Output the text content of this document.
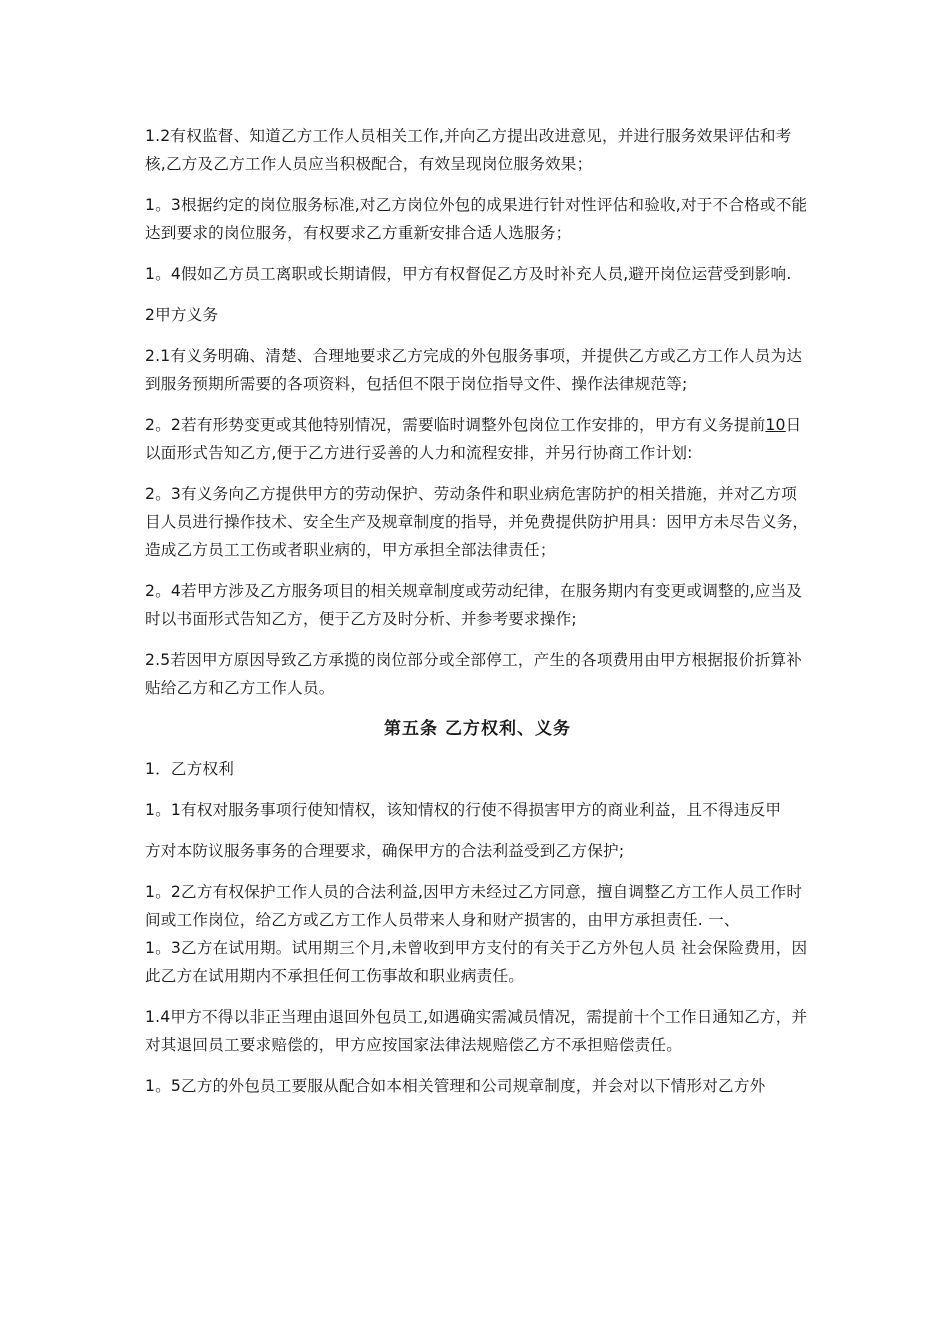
1.2有权监督、知道乙方工作人员相关工作,并向乙方提出改进意见，并进行服务效果评估和考核,乙方及乙方工作人员应当积极配合，有效呈现岗位服务效果；

1。3根据约定的岗位服务标准,对乙方岗位外包的成果进行针对性评估和验收,对于不合格或不能达到要求的岗位服务，有权要求乙方重新安排合适人选服务；

1。4假如乙方员工离职或长期请假，甲方有权督促乙方及时补充人员,避开岗位运营受到影响.

2甲方义务

2.1有义务明确、清楚、合理地要求乙方完成的外包服务事项，并提供乙方或乙方工作人员为达到服务预期所需要的各项资料，包括但不限于岗位指导文件、操作法律规范等;

2。2若有形势变更或其他特别情况，需要临时调整外包岗位工作安排的，甲方有义务提前10日以面形式告知乙方,便于乙方进行妥善的人力和流程安排，并另行协商工作计划:

2。3有义务向乙方提供甲方的劳动保护、劳动条件和职业病危害防护的相关措施，并对乙方项目人员进行操作技术、安全生产及规章制度的指导，并免费提供防护用具：因甲方未尽告义务，造成乙方员工工伤或者职业病的，甲方承担全部法律责任；

2。4若甲方涉及乙方服务项目的相关规章制度或劳动纪律，在服务期内有变更或调整的,应当及时以书面形式告知乙方，便于乙方及时分析、并参考要求操作;

2.5若因甲方原因导致乙方承揽的岗位部分或全部停工，产生的各项费用由甲方根据报价折算补贴给乙方和乙方工作人员。

第五条 乙方权利、义务

1．乙方权利

1。1有权对服务事项行使知情权，该知情权的行使不得损害甲方的商业利益，且不得违反甲

方对本防议服务事务的合理要求，确保甲方的合法利益受到乙方保护;

1。2乙方有权保护工作人员的合法利益,因甲方未经过乙方同意，擅自调整乙方工作人员工作时间或工作岗位，给乙方或乙方工作人员带来人身和财产损害的，由甲方承担责任. 一、

1。3乙方在试用期。试用期三个月,未曾收到甲方支付的有关于乙方外包人员 社会保险费用，因此乙方在试用期内不承担任何工伤事故和职业病责任。

1.4甲方不得以非正当理由退回外包员工,如遇确实需减员情况，需提前十个工作日通知乙方，并对其退回员工要求赔偿的，甲方应按国家法律法规赔偿乙方不承担赔偿责任。

1。5乙方的外包员工要服从配合如本相关管理和公司规章制度，并会对以下情形对乙方外
